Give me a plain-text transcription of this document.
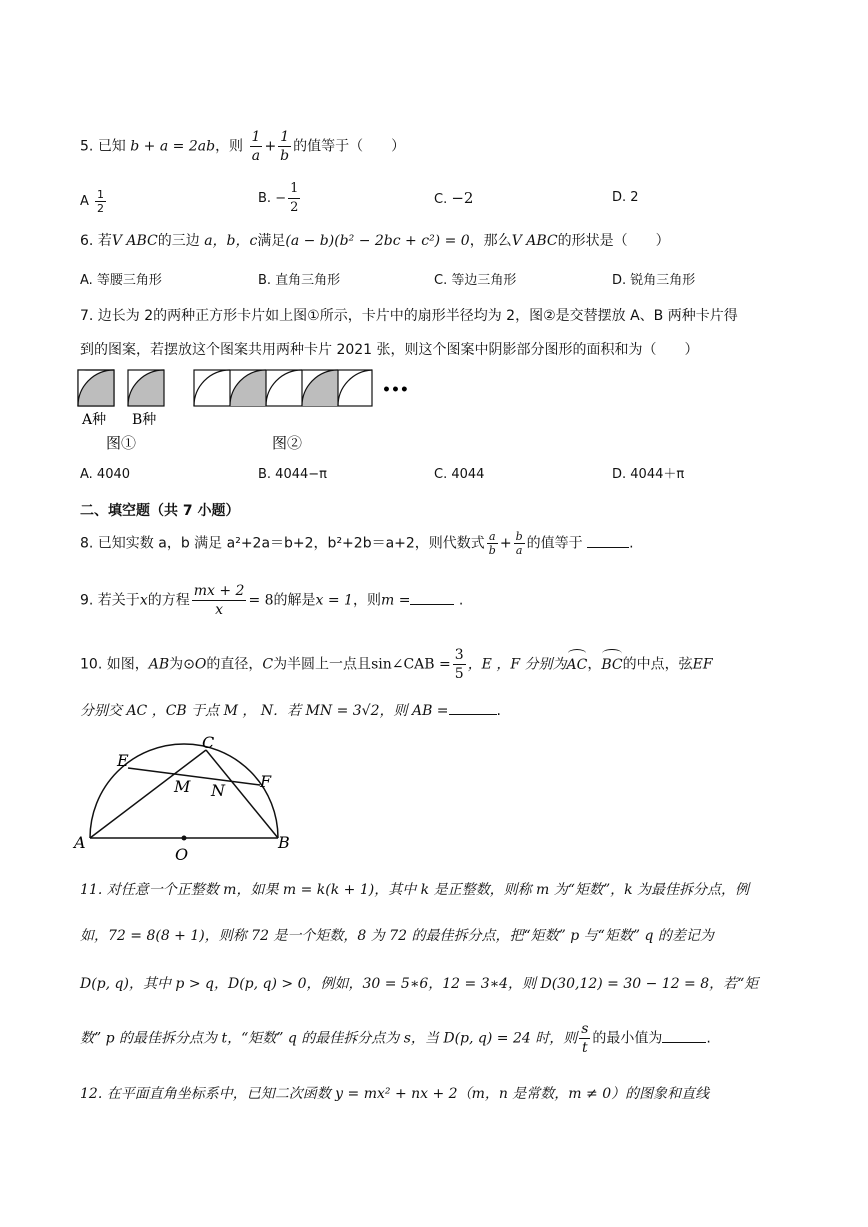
5. 已知 b + a = 2ab，则 $\frac{1}{a} + \frac{1}{b}$ 的值等于（　　）
A $\frac{1}{2}$	B. − $\frac{1}{2}$	C. −2	D. 2
6. 若V ABC的三边 a，b，c满足(a − b)(b² − 2bc + c²) = 0，那么V ABC的形状是（　　）
A. 等腰三角形	B. 直角三角形	C. 等边三角形	D. 锐角三角形
7. 边长为 2的两种正方形卡片如上图①所示，卡片中的扇形半径均为 2，图②是交替摆放 A、B 两种卡片得
到的图案，若摆放这个图案共用两种卡片 2021 张，则这个图案中阴影部分图形的面积和为（　　）
•••
A种 B种
图①	图②
A. 4040	B. 4044−π	C. 4044	D. 4044＋π
二、填空题（共 7 小题）
8. 已知实数 a，b 满足 a²+2a＝b+2，b²+2b＝a+2，则代数式 $\frac{a}{b} + \frac{b}{a}$ 的值等于	.
9. 若关于x的方程 $\frac{mx + 2}{x} = 8$的解是x = 1，则m =	.
10. 如图，AB为⊙O的直径，C为半圆上一点且sin∠CAB = $\frac{3}{5}$ ，E ，F 分别为AC，BC的中点，弦EF
分别交 AC ，CB 于点 M ， N．若 MN = 3√2，则 AB =	.
A	B
C
E
F
M N
O
11. 对任意一个正整数 m，如果 m = k(k + 1)，其中 k 是正整数，则称 m 为“矩数”，k 为最佳拆分点，例
如，72 = 8(8 + 1)，则称 72 是一个矩数，8 为 72 的最佳拆分点，把“矩数” p 与“矩数” q 的差记为
D(p, q)，其中 p > q，D(p, q) > 0，例如，30 = 5∗6，12 = 3∗4，则 D(30,12) = 30 − 12 = 8，若“矩
数” p 的最佳拆分点为 t，“矩数” q 的最佳拆分点为 s，当 D(p, q) = 24 时，则 $\frac{s}{t}$ 的最小值为	.
12. 在平面直角坐标系中，已知二次函数 y = mx² + nx + 2（m，n 是常数，m ≠ 0）的图象和直线
